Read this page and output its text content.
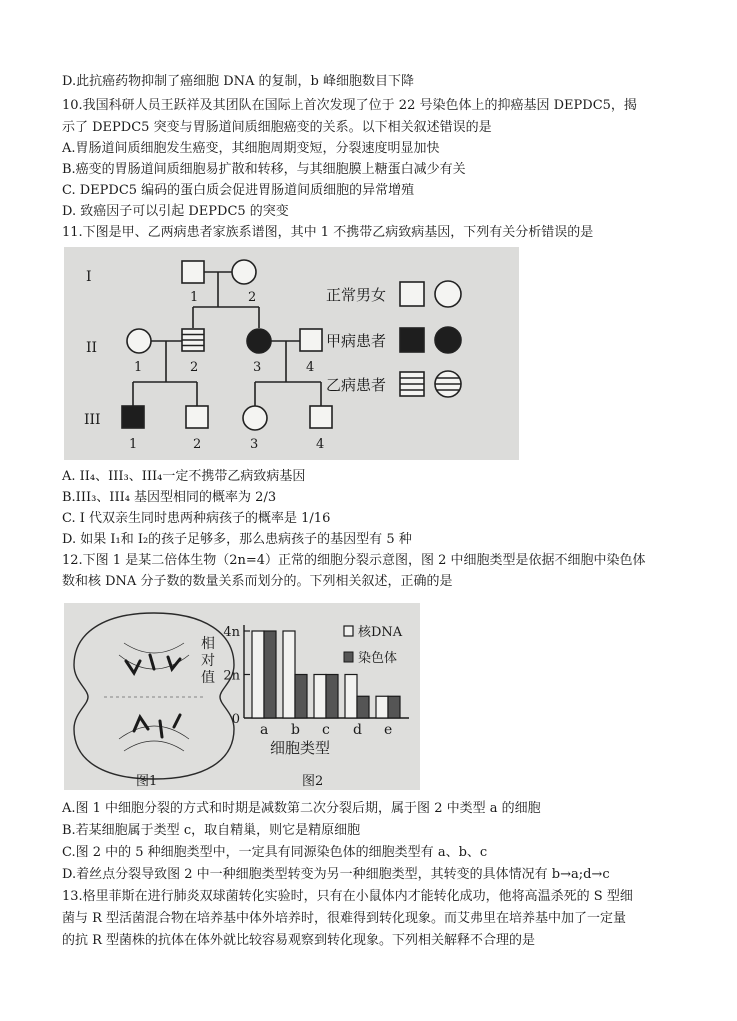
D.此抗癌药物抑制了癌细胞 DNA 的复制，b 峰细胞数目下降
10.我国科研人员王跃祥及其团队在国际上首次发现了位于 22 号染色体上的抑癌基因 DEPDC5，揭
示了 DEPDC5 突变与胃肠道间质细胞癌变的关系。以下相关叙述错误的是
A.胃肠道间质细胞发生癌变，其细胞周期变短，分裂速度明显加快
B.癌变的胃肠道间质细胞易扩散和转移，与其细胞膜上糖蛋白减少有关
C. DEPDC5 编码的蛋白质会促进胃肠道间质细胞的异常增殖
D. 致癌因子可以引起 DEPDC5 的突变
11.下图是甲、乙两病患者家族系谱图，其中 1 不携带乙病致病基因，下列有关分析错误的是
I
II
III
1	2
1	2	3	4
1	2	3	4
正常男女
甲病患者
乙病患者
A. II₄、III₃、III₄一定不携带乙病致病基因
B.III₃、III₄ 基因型相同的概率为 2/3
C. I 代双亲生同时患两种病孩子的概率是 1/16
D. 如果 I₁和 I₂的孩子足够多，那么患病孩子的基因型有 5 种
12.下图 1 是某二倍体生物（2n=4）正常的细胞分裂示意图，图 2 中细胞类型是依据不细胞中染色体
数和核 DNA 分子数的数量关系而划分的。下列相关叙述，正确的是
图1
0
2n
4n
a b c d e
相
对
值
细胞类型
核DNA
染色体
图2
A.图 1 中细胞分裂的方式和时期是减数第二次分裂后期，属于图 2 中类型 a 的细胞
B.若某细胞属于类型 c，取自精巢，则它是精原细胞
C.图 2 中的 5 种细胞类型中，一定具有同源染色体的细胞类型有 a、b、c
D.着丝点分裂导致图 2 中一种细胞类型转变为另一种细胞类型，其转变的具体情况有 b→a;d→c
13.格里菲斯在进行肺炎双球菌转化实验时，只有在小鼠体内才能转化成功，他将高温杀死的 S 型细
菌与 R 型活菌混合物在培养基中体外培养时，很难得到转化现象。而艾弗里在培养基中加了一定量
的抗 R 型菌株的抗体在体外就比较容易观察到转化现象。下列相关解释不合理的是
